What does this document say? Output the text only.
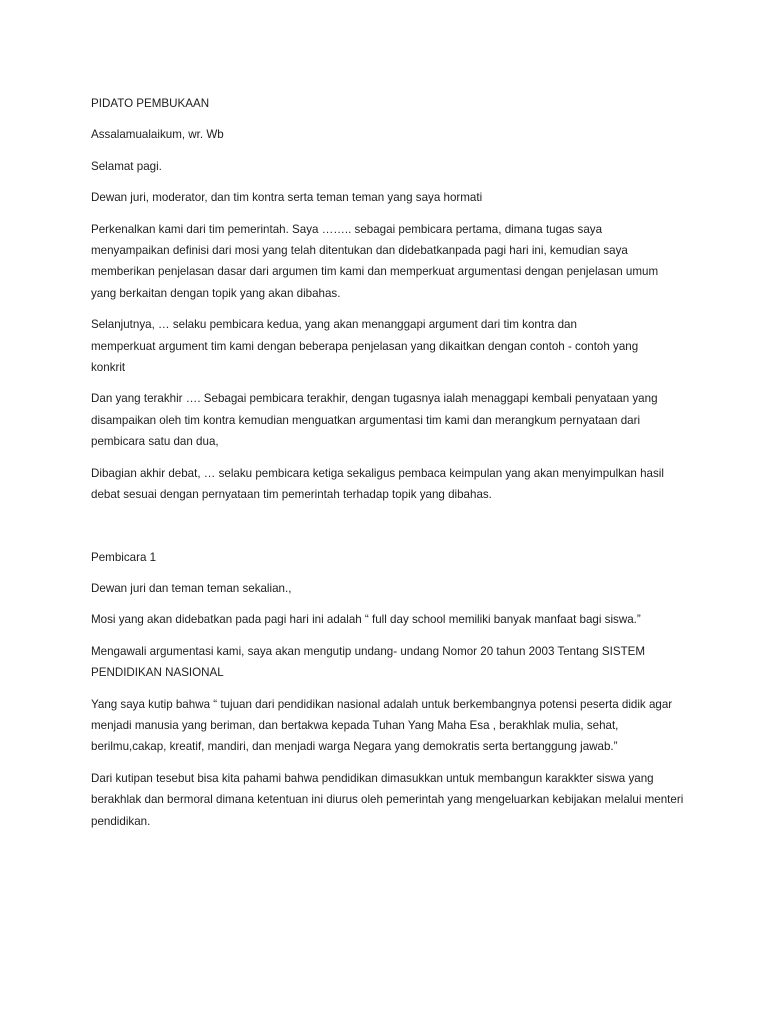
PIDATO PEMBUKAAN

Assalamualaikum, wr. Wb

Selamat pagi.

Dewan juri, moderator, dan tim kontra serta teman teman yang saya hormati

Perkenalkan kami dari tim pemerintah. Saya …….. sebagai pembicara pertama, dimana tugas saya menyampaikan definisi dari mosi yang telah ditentukan dan didebatkanpada pagi hari ini, kemudian saya memberikan penjelasan dasar dari argumen tim kami dan memperkuat argumentasi dengan penjelasan umum yang berkaitan dengan topik yang akan dibahas.

Selanjutnya, … selaku pembicara kedua, yang akan menanggapi argument dari tim kontra dan memperkuat argument tim kami dengan beberapa penjelasan yang dikaitkan dengan contoh - contoh yang konkrit

Dan yang terakhir …. Sebagai pembicara terakhir, dengan tugasnya ialah menaggapi kembali penyataan yang disampaikan oleh tim kontra kemudian menguatkan argumentasi tim kami dan merangkum pernyataan dari pembicara satu dan dua,

Dibagian akhir debat, … selaku pembicara ketiga sekaligus pembaca keimpulan yang akan menyimpulkan hasil debat sesuai dengan pernyataan tim pemerintah terhadap topik yang dibahas.

Pembicara 1

Dewan juri dan teman teman sekalian.,

Mosi yang akan didebatkan pada pagi hari ini adalah “ full day school memiliki banyak manfaat bagi siswa.”

Mengawali argumentasi kami, saya akan mengutip undang- undang Nomor 20 tahun 2003 Tentang SISTEM PENDIDIKAN NASIONAL

Yang saya kutip bahwa “ tujuan dari pendidikan nasional adalah untuk berkembangnya potensi peserta didik agar menjadi manusia yang beriman, dan bertakwa kepada Tuhan Yang Maha Esa , berakhlak mulia, sehat, berilmu,cakap, kreatif, mandiri, dan menjadi warga Negara yang demokratis serta bertanggung jawab.”

Dari kutipan tesebut bisa kita pahami bahwa pendidikan dimasukkan untuk membangun karakkter siswa yang berakhlak dan bermoral dimana ketentuan ini diurus oleh pemerintah yang mengeluarkan kebijakan melalui menteri pendidikan.
